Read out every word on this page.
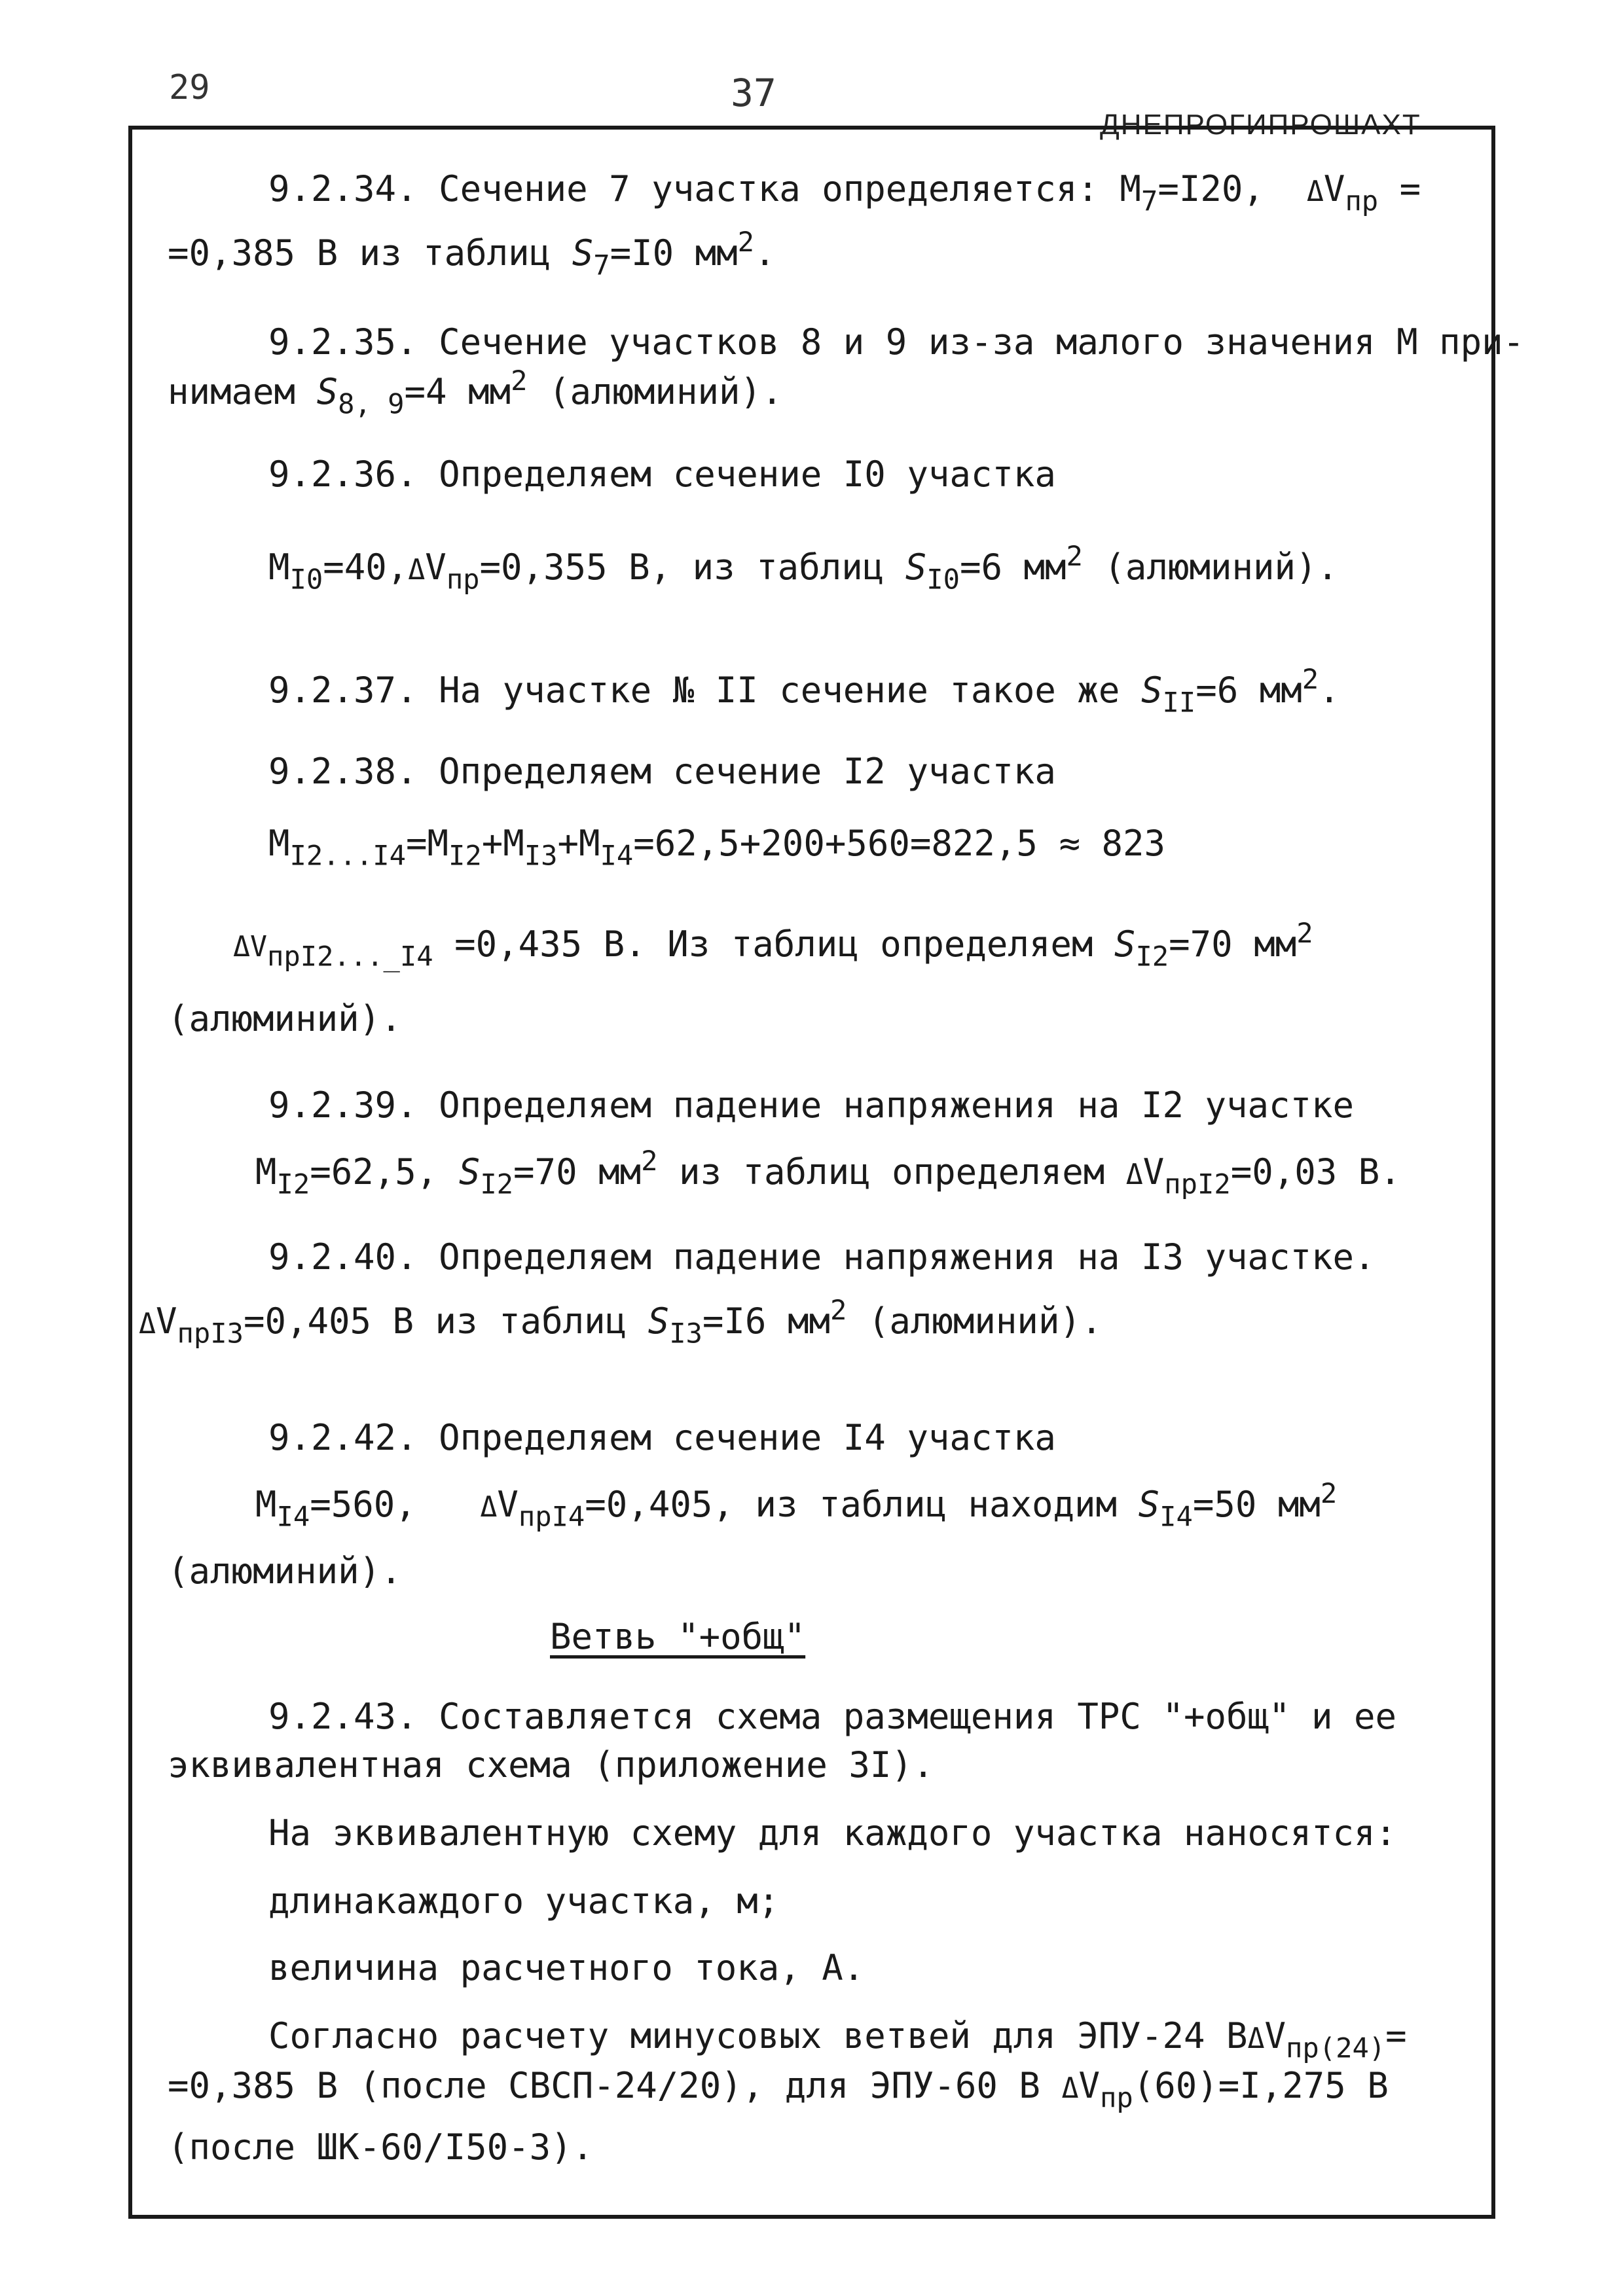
29	37
ДНЕПРОГИПРОШАХТ
9.2.34. Сечение 7 участка определяется: $М_7=I20$, $\Delta V_{пр}$ =
=0,385 В из таблиц $S_7=I0$ $мм^2$.
9.2.35. Сечение участков 8 и 9 из-за малого значения М при-
нимаем $S_{8, 9}=4$ $мм^2$ (алюминий).
9.2.36. Определяем сечение I0 участка
$М_{I0}=40,\Delta V_{пр}=0,355$ В, из таблиц $S_{I0}=6$ $мм^2$ (алюминий).
9.2.37. На участке № II сечение такое же $S_{II}=6$ $мм^2$.
9.2.38. Определяем сечение I2 участка
$М_{I2...I4}=М_{I2}+М_{I3}+М_{I4}=62,5+200+560=822,5 \approx 823$
$\Delta V_{прI2...\_I4} =0,435$ В. Из таблиц определяем $S_{I2}=70$ $мм^2$
(алюминий).
9.2.39. Определяем падение напряжения на I2 участке
$М_{I2}=62,5$, $S_{I2}=70$ $мм^2$ из таблиц определяем $\Delta V_{прI2}=0,03$ В.
9.2.40. Определяем падение напряжения на I3 участке.
$\Delta V_{прI3}=0,405$ В из таблиц $S_{I3}=I6$ $мм^2$ (алюминий).
9.2.42. Определяем сечение I4 участка
$М_{I4}=560$,   $\Delta V_{прI4}=0,405$, из таблиц находим $S_{I4}=50$ $мм^2$
(алюминий).
Ветвь "+общ"
9.2.43. Составляется схема размещения ТРС "+общ" и ее
эквивалентная схема (приложение 3I).
На эквивалентную схему для каждого участка наносятся:
длинакаждого участка, м;
величина расчетного тока, А.
Согласно расчету минусовых ветвей для ЭПУ-24 $В\Delta V_{пр(24)}=$
=0,385 В (после СВСП-24/20), для ЭПУ-60 В $\Delta V_{пр}(60)=I,275$ В
(после ШК-60/I50-3).
